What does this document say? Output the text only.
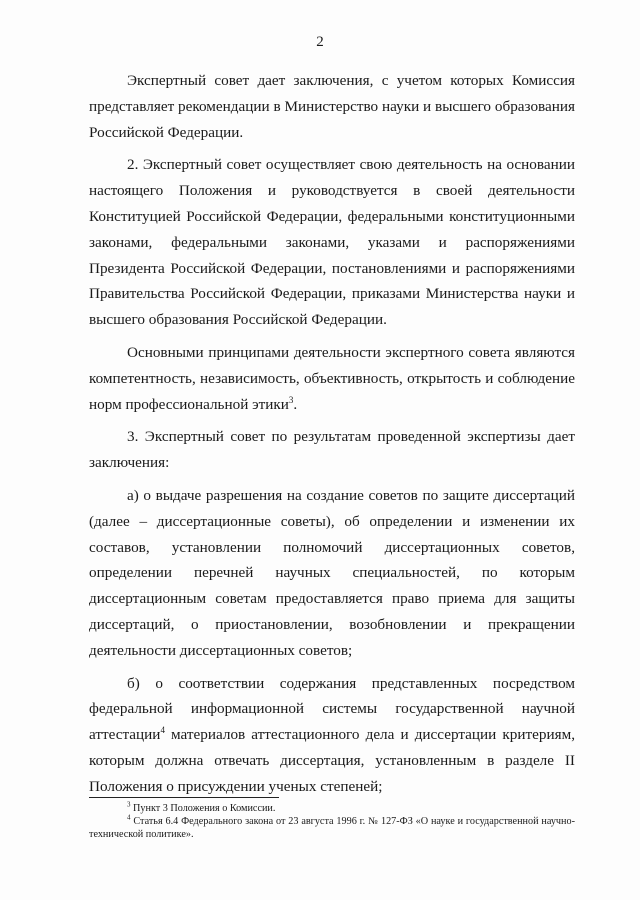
2

Экспертный совет дает заключения, с учетом которых Комиссия представляет рекомендации в Министерство науки и высшего образования Российской Федерации.

2. Экспертный совет осуществляет свою деятельность на основании настоящего Положения и руководствуется в своей деятельности Конституцией Российской Федерации, федеральными конституционными законами, федеральными законами, указами и распоряжениями Президента Российской Федерации, постановлениями и распоряжениями Правительства Российской Федерации, приказами Министерства науки и высшего образования Российской Федерации.

Основными принципами деятельности экспертного совета являются компетентность, независимость, объективность, открытость и соблюдение норм профессиональной этики$^3$.

3. Экспертный совет по результатам проведенной экспертизы дает заключения:

а) о выдаче разрешения на создание советов по защите диссертаций (далее – диссертационные советы), об определении и изменении их составов, установлении полномочий диссертационных советов, определении перечней научных специальностей, по которым диссертационным советам предоставляется право приема для защиты диссертаций, о приостановлении, возобновлении и прекращении деятельности диссертационных советов;

б) о соответствии содержания представленных посредством федеральной информационной системы государственной научной аттестации$^4$ материалов аттестационного дела и диссертации критериям, которым должна отвечать диссертация, установленным в разделе II Положения о присуждении ученых степеней;

$^3$ Пункт 3 Положения о Комиссии.

$^4$ Статья 6.4 Федерального закона от 23 августа 1996 г. № 127-ФЗ «О науке и государственной научно-технической политике».
